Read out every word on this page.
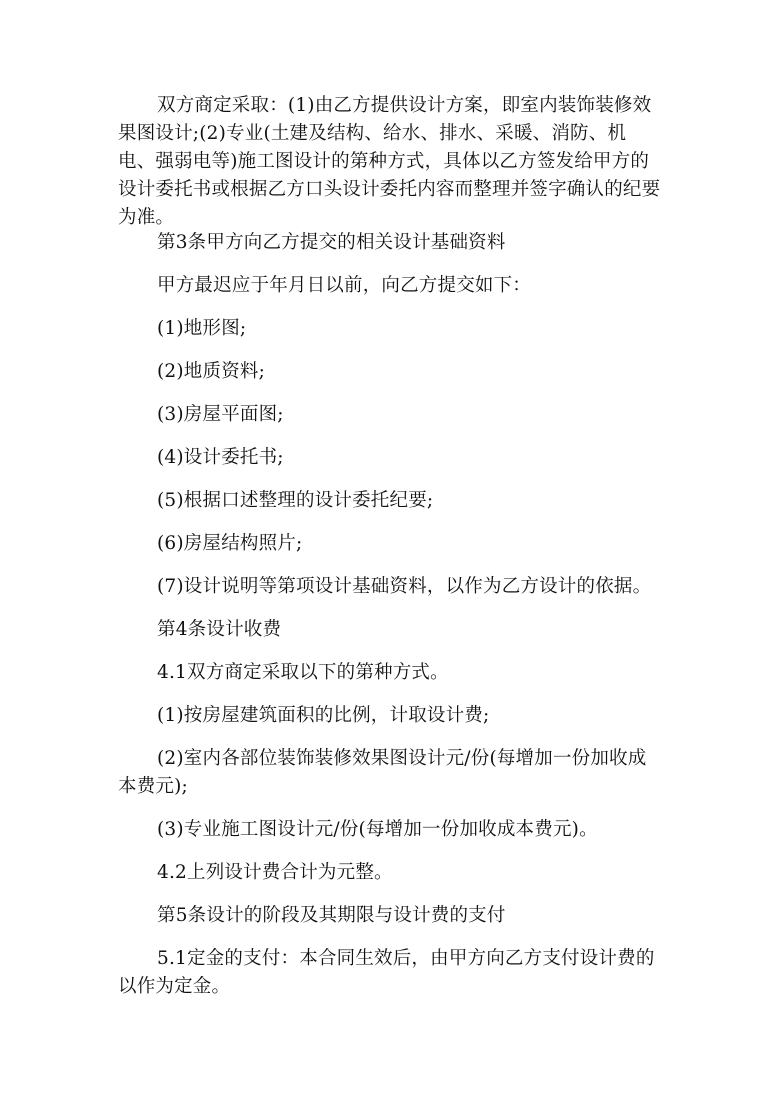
双方商定采取：(1)由乙方提供设计方案，即室内装饰装修效果图设计;(2)专业(土建及结构、给水、排水、采暖、消防、机电、强弱电等)施工图设计的第种方式，具体以乙方签发给甲方的设计委托书或根据乙方口头设计委托内容而整理并签字确认的纪要为准。

第3条甲方向乙方提交的相关设计基础资料

甲方最迟应于年月日以前，向乙方提交如下：

(1)地形图;

(2)地质资料;

(3)房屋平面图;

(4)设计委托书;

(5)根据口述整理的设计委托纪要;

(6)房屋结构照片;

(7)设计说明等第项设计基础资料，以作为乙方设计的依据。

第4条设计收费

4.1双方商定采取以下的第种方式。

(1)按房屋建筑面积的比例，计取设计费;

(2)室内各部位装饰装修效果图设计元/份(每增加一份加收成本费元);

(3)专业施工图设计元/份(每增加一份加收成本费元)。

4.2上列设计费合计为元整。

第5条设计的阶段及其期限与设计费的支付

5.1定金的支付：本合同生效后，由甲方向乙方支付设计费的以作为定金。
